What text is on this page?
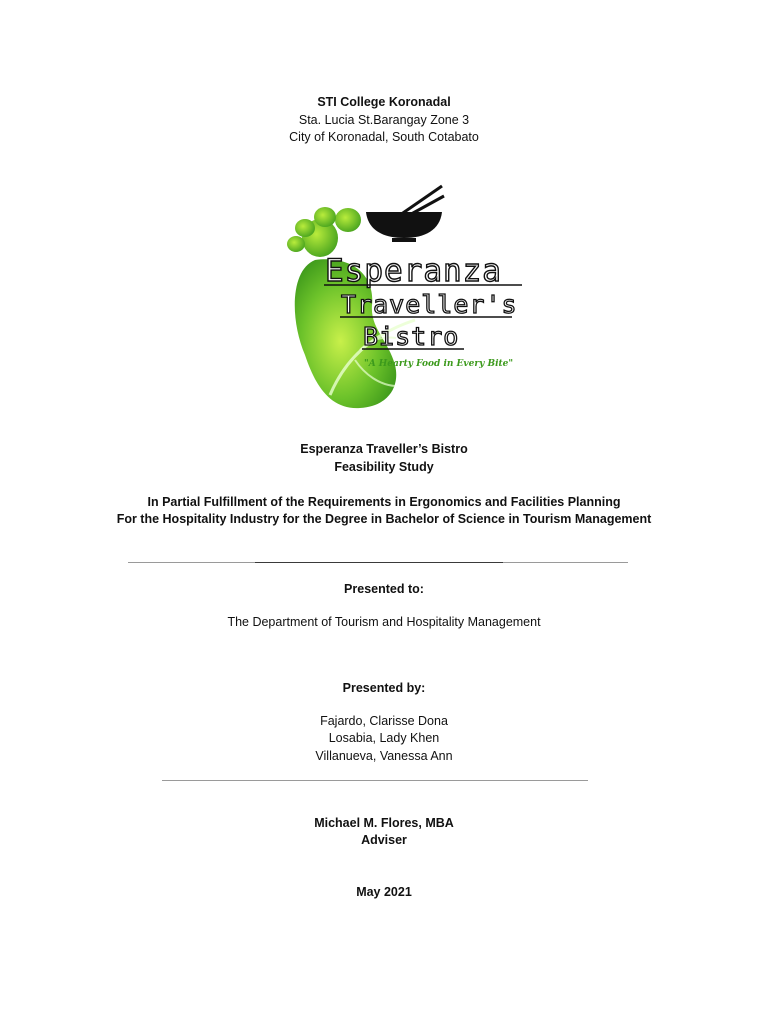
STI College Koronadal
Sta. Lucia St.Barangay Zone 3
City of Koronadal, South Cotabato
Esperanza
Traveller's
Bistro
"A Hearty Food in Every Bite"
Esperanza Traveller’s Bistro
Feasibility Study
In Partial Fulfillment of the Requirements in Ergonomics and Facilities Planning
For the Hospitality Industry for the Degree in Bachelor of Science in Tourism Management
Presented to:
The Department of Tourism and Hospitality Management
Presented by:
Fajardo, Clarisse Dona
Losabia, Lady Khen
Villanueva, Vanessa Ann
Michael M. Flores, MBA
Adviser
May 2021
